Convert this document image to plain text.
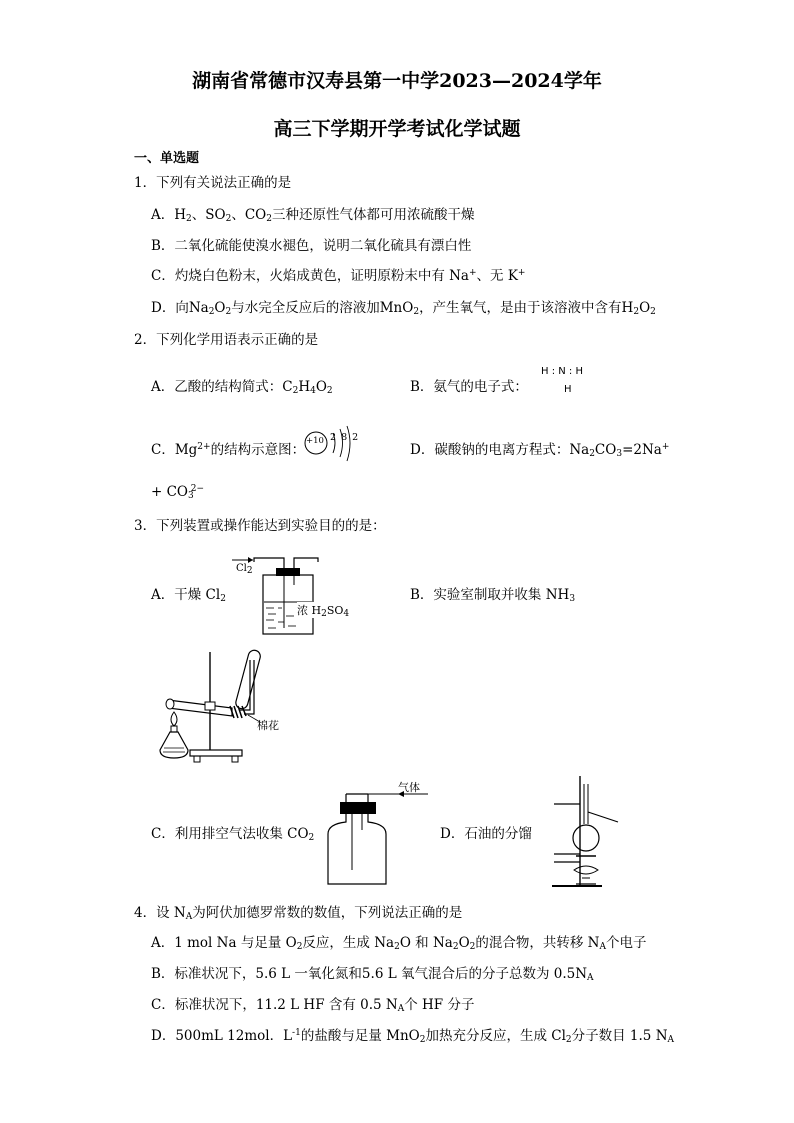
湖南省常德市汉寿县第一中学2023—2024学年
高三下学期开学考试化学试题
一、单选题
1．下列有关说法正确的是
A．$H_2$、$SO_2$、$CO_2$三种还原性气体都可用浓硫酸干燥
B．二氧化硫能使溴水褪色，说明二氧化硫具有漂白性
C．灼烧白色粉末，火焰成黄色，证明原粉末中有 Na+、无 K+
D．向$Na_2O_2$与水完全反应后的溶液加MnO$_2$，产生氧气，是由于该溶液中含有$H_2O_2$
2．下列化学用语表示正确的是
A．乙酸的结构简式：$C_2H_4O_2$	B．氨气的电子式：
H : N : H
H
C．$Mg^{2+}$的结构示意图：
+10 2 8 2
D．碳酸钠的电离方程式：$Na_2CO_3=2Na^+$
+ $CO_3^{2-}$
3．下列装置或操作能达到实验目的的是：
$Cl_2$
浓 $H_2SO_4$
A．干燥 $Cl_2$	B．实验室制取并收集 $NH_3$
棉花
气体
C．利用排空气法收集 $CO_2$	D．石油的分馏
4．设 $N_A$为阿伏加德罗常数的数值，下列说法正确的是
A．1 mol Na 与足量 $O_2$反应，生成 $Na_2O$ 和 $Na_2O_2$的混合物，共转移 $N_A$个电子
B．标准状况下，5.6 L 一氧化氮和5.6 L 氧气混合后的分子总数为 $0.5N_A$
C．标准状况下，11.2 L HF 含有 0.5 $N_A$个 HF 分子
D．500mL 12mol．$L^{-1}$的盐酸与足量 MnO$_2$加热充分反应，生成 $Cl_2$分子数目 1.5 $N_A$
